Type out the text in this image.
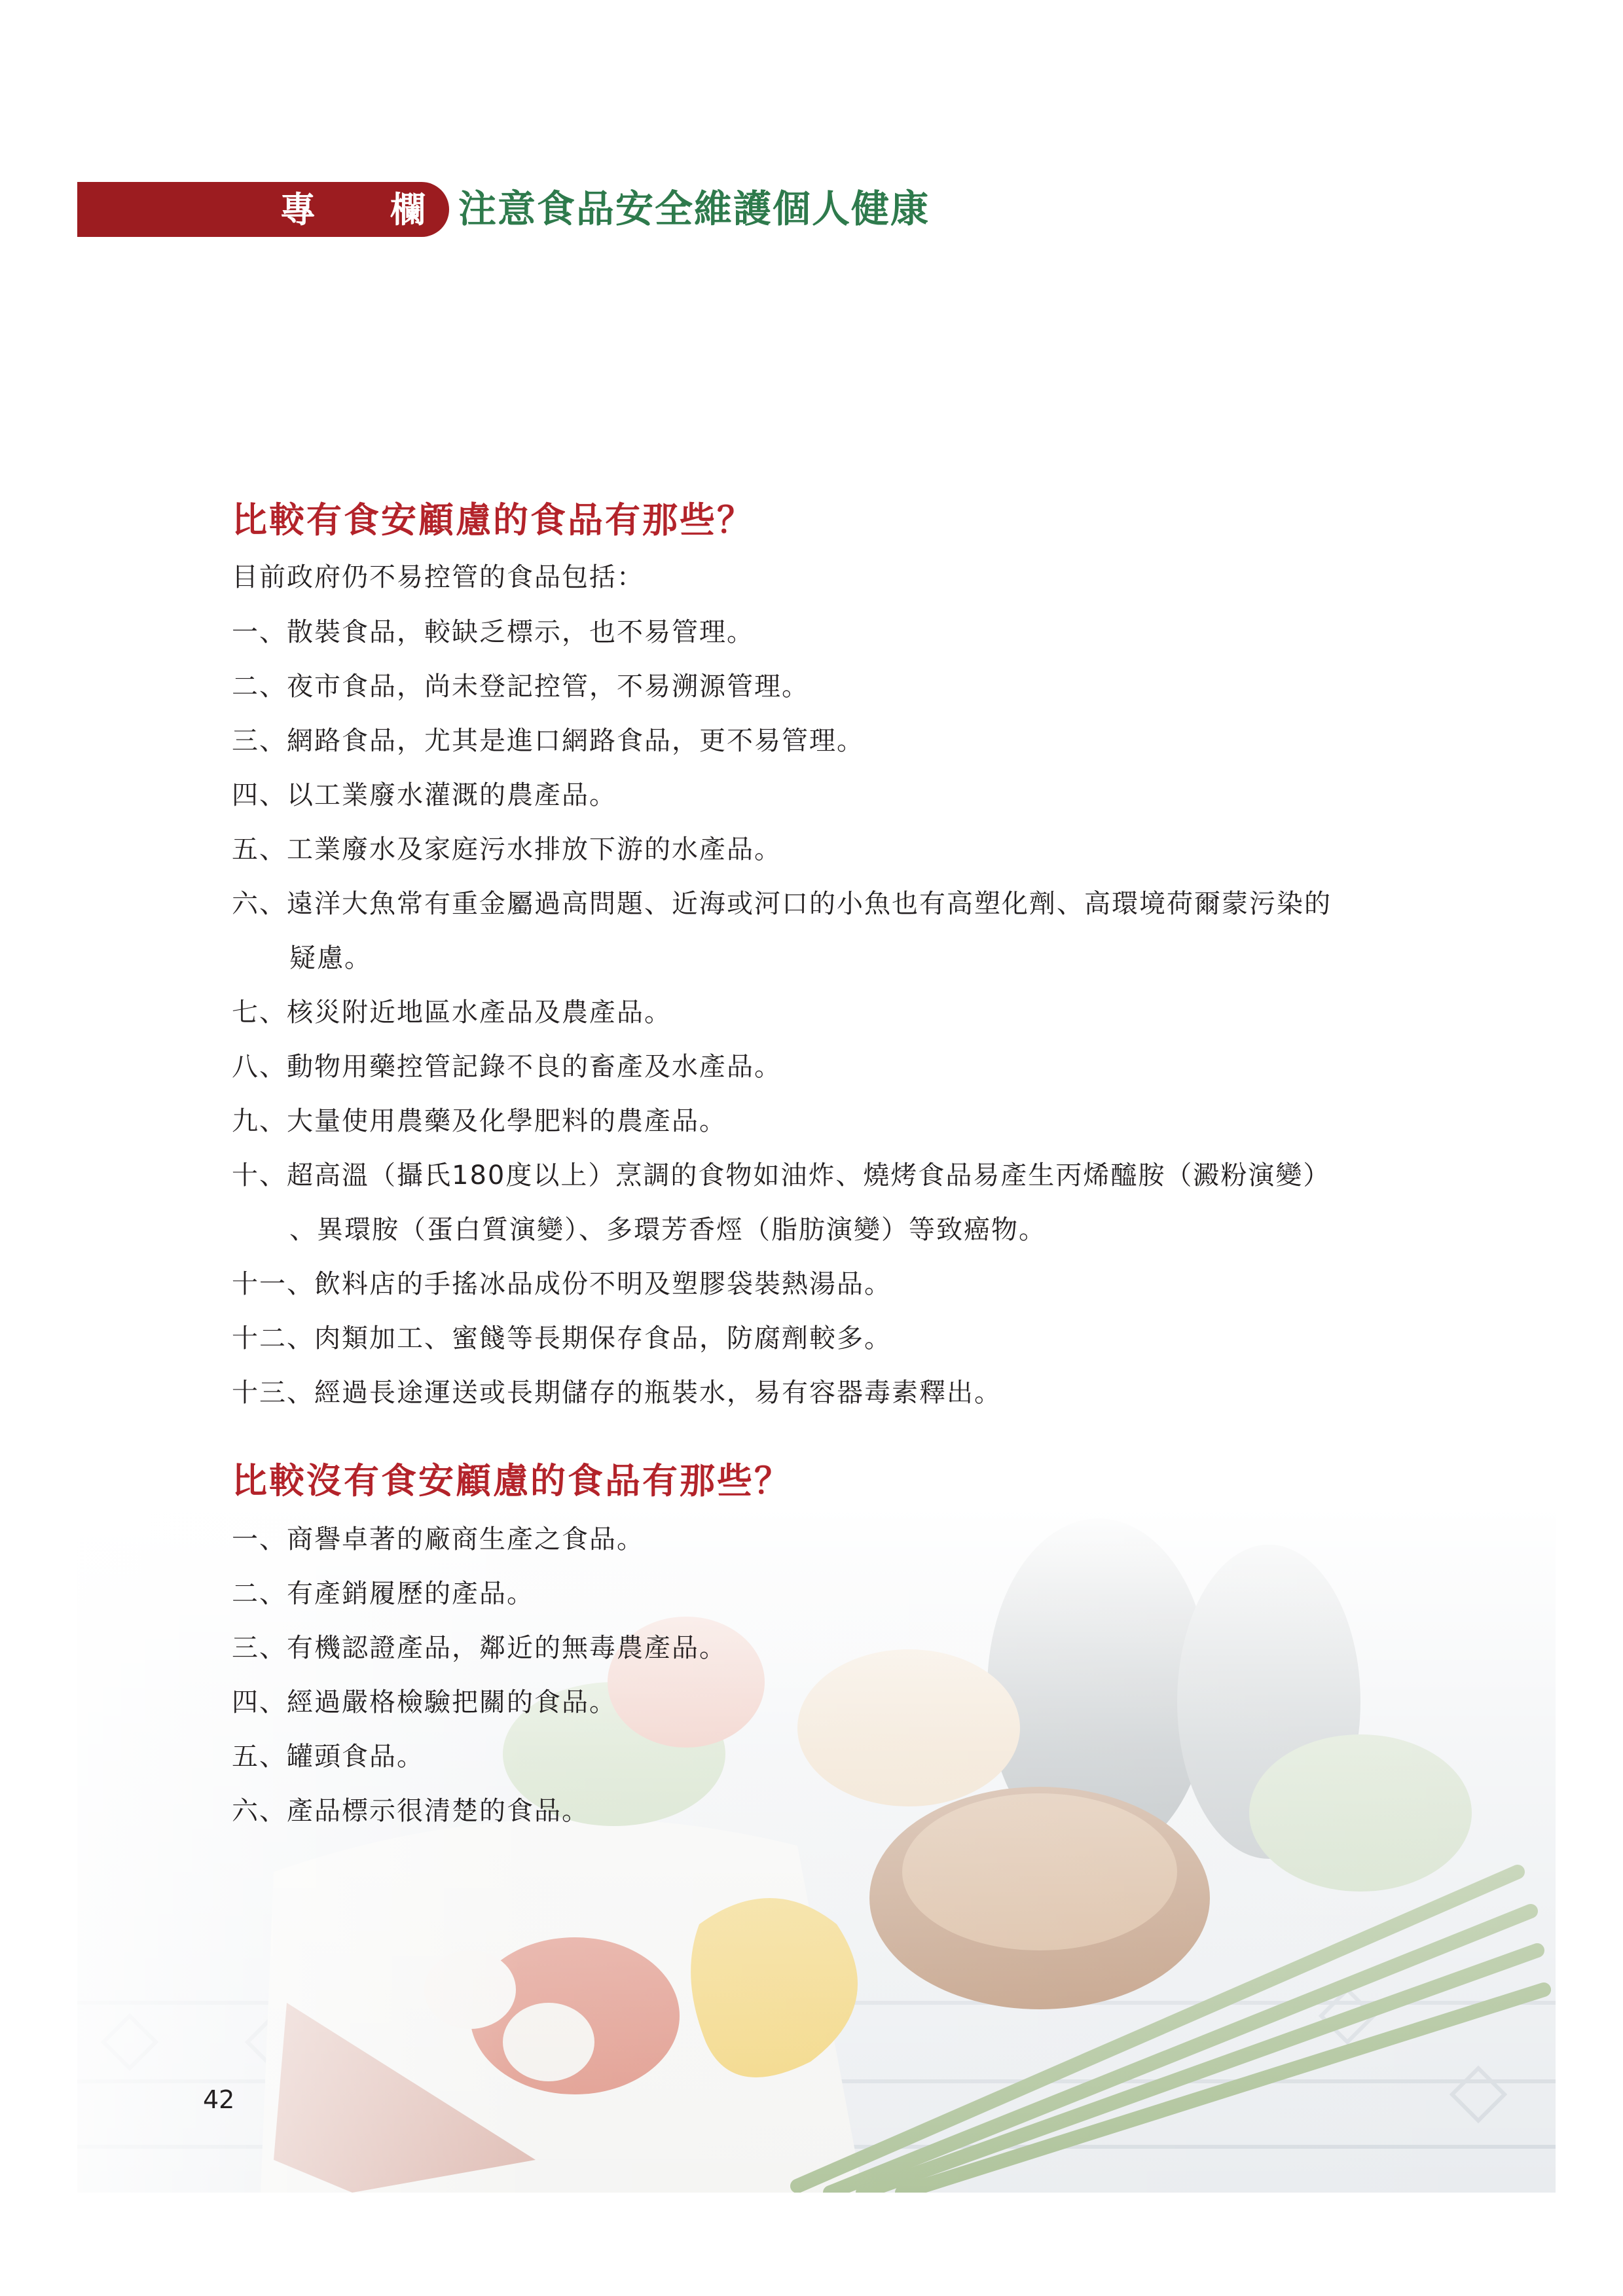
專 欄 注意食品安全維護個人健康
比較有食安顧慮的食品有那些？
目前政府仍不易控管的食品包括：
一、散裝食品，較缺乏標示，也不易管理。
二、夜市食品，尚未登記控管，不易溯源管理。
三、網路食品，尤其是進口網路食品，更不易管理。
四、以工業廢水灌溉的農產品。
五、工業廢水及家庭污水排放下游的水產品。
六、遠洋大魚常有重金屬過高問題、近海或河口的小魚也有高塑化劑、高環境荷爾蒙污染的
疑慮。
七、核災附近地區水產品及農產品。
八、動物用藥控管記錄不良的畜產及水產品。
九、大量使用農藥及化學肥料的農產品。
十、超高溫（攝氏180度以上）烹調的食物如油炸、燒烤食品易產生丙烯醯胺（澱粉演變）
、異環胺（蛋白質演變）、多環芳香烴（脂肪演變）等致癌物。
十一、飲料店的手搖冰品成份不明及塑膠袋裝熱湯品。
十二、肉類加工、蜜餞等長期保存食品，防腐劑較多。
十三、經過長途運送或長期儲存的瓶裝水，易有容器毒素釋出。
比較沒有食安顧慮的食品有那些？
一、商譽卓著的廠商生產之食品。
二、有產銷履歷的產品。
三、有機認證產品，鄰近的無毒農產品。
四、經過嚴格檢驗把關的食品。
五、罐頭食品。
六、產品標示很清楚的食品。
42
